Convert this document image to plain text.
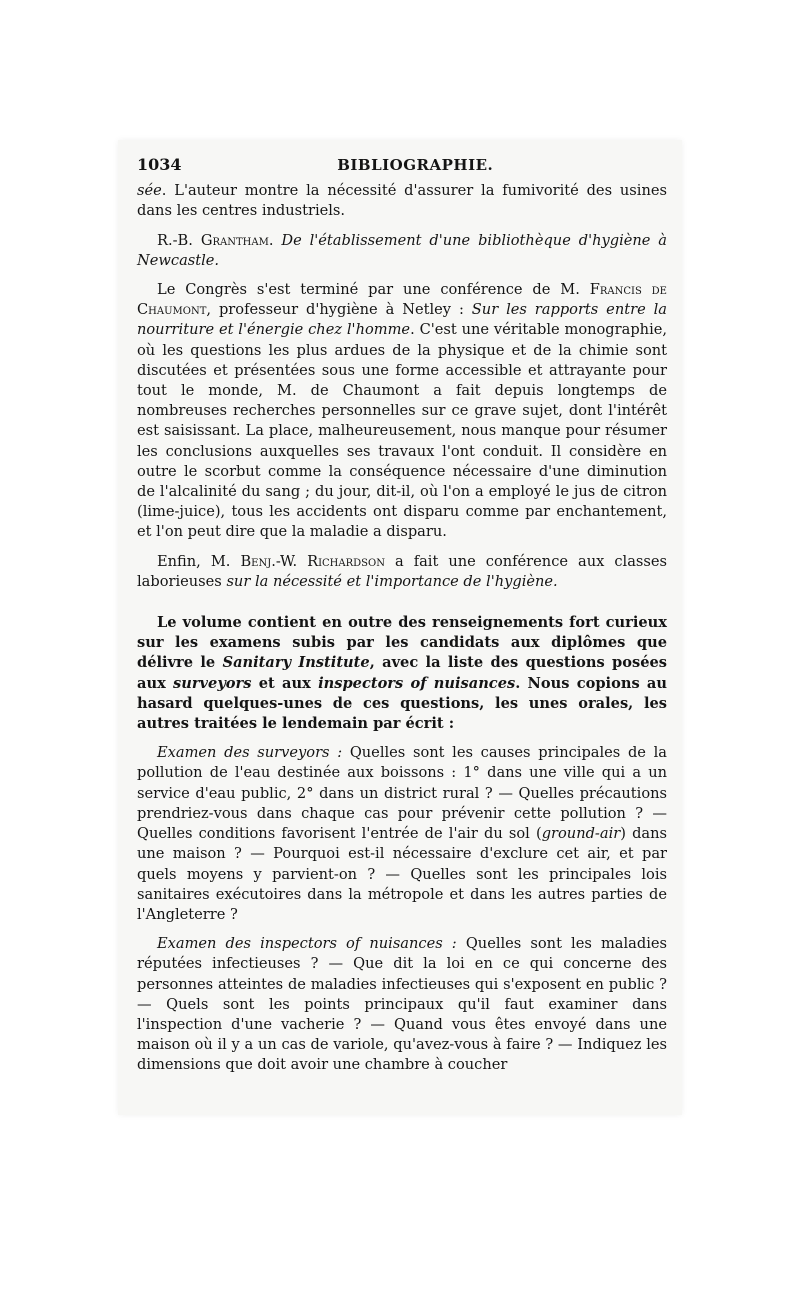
1034	BIBLIOGRAPHIE.

sée. L'auteur montre la nécessité d'assurer la fumivorité des usines dans les centres industriels.

R.-B. Grantham. De l'établissement d'une bibliothèque d'hygiène à Newcastle.

Le Congrès s'est terminé par une conférence de M. Francis de Chaumont, professeur d'hygiène à Netley : Sur les rapports entre la nourriture et l'énergie chez l'homme. C'est une véritable monographie, où les questions les plus ardues de la physique et de la chimie sont discutées et présentées sous une forme accessible et attrayante pour tout le monde, M. de Chaumont a fait depuis longtemps de nombreuses recherches personnelles sur ce grave sujet, dont l'intérêt est saisissant. La place, malheureusement, nous manque pour résumer les conclusions auxquelles ses travaux l'ont conduit. Il considère en outre le scorbut comme la conséquence nécessaire d'une diminution de l'alcalinité du sang ; du jour, dit-il, où l'on a employé le jus de citron (lime-juice), tous les accidents ont disparu comme par enchantement, et l'on peut dire que la maladie a disparu.

Enfin, M. Benj.-W. Richardson a fait une conférence aux classes laborieuses sur la nécessité et l'importance de l'hygiène.

Le volume contient en outre des renseignements fort curieux sur les examens subis par les candidats aux diplômes que délivre le Sanitary Institute, avec la liste des questions posées aux surveyors et aux inspectors of nuisances. Nous copions au hasard quelques-unes de ces questions, les unes orales, les autres traitées le lendemain par écrit :

Examen des surveyors : Quelles sont les causes principales de la pollution de l'eau destinée aux boissons : 1° dans une ville qui a un service d'eau public, 2° dans un district rural ? — Quelles précautions prendriez-vous dans chaque cas pour prévenir cette pollution ? — Quelles conditions favorisent l'entrée de l'air du sol (ground-air) dans une maison ? — Pourquoi est-il nécessaire d'exclure cet air, et par quels moyens y parvient-on ? — Quelles sont les principales lois sanitaires exécutoires dans la métropole et dans les autres parties de l'Angleterre ?

Examen des inspectors of nuisances : Quelles sont les maladies réputées infectieuses ? — Que dit la loi en ce qui concerne des personnes atteintes de maladies infectieuses qui s'exposent en public ? — Quels sont les points principaux qu'il faut examiner dans l'inspection d'une vacherie ? — Quand vous êtes envoyé dans une maison où il y a un cas de variole, qu'avez-vous à faire ? — Indiquez les dimensions que doit avoir une chambre à coucher
